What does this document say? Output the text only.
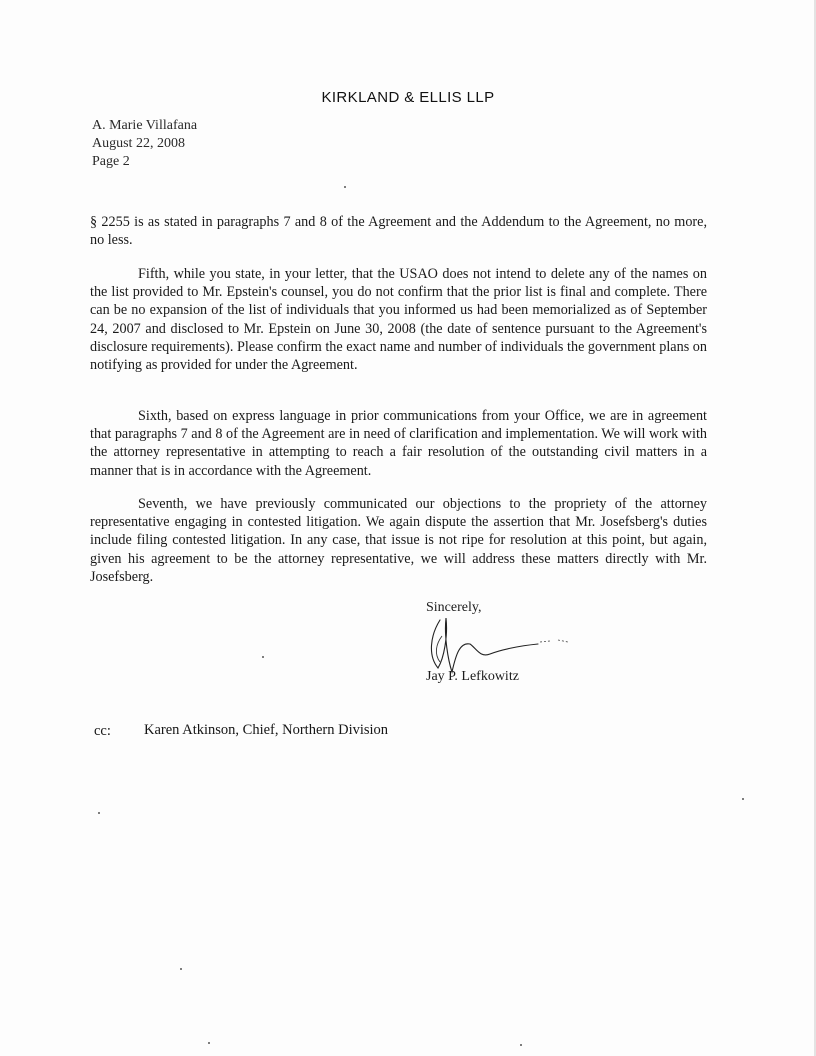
KIRKLAND & ELLIS LLP
A. Marie Villafana
August 22, 2008
Page 2

§ 2255 is as stated in paragraphs 7 and 8 of the Agreement and the Addendum to the Agreement, no more, no less.

Fifth, while you state, in your letter, that the USAO does not intend to delete any of the names on the list provided to Mr. Epstein's counsel, you do not confirm that the prior list is final and complete. There can be no expansion of the list of individuals that you informed us had been memorialized as of September 24, 2007 and disclosed to Mr. Epstein on June 30, 2008 (the date of sentence pursuant to the Agreement's disclosure requirements). Please confirm the exact name and number of individuals the government plans on notifying as provided for under the Agreement.

Sixth, based on express language in prior communications from your Office, we are in agreement that paragraphs 7 and 8 of the Agreement are in need of clarification and implementation. We will work with the attorney representative in attempting to reach a fair resolution of the outstanding civil matters in a manner that is in accordance with the Agreement.

Seventh, we have previously communicated our objections to the propriety of the attorney representative engaging in contested litigation. We again dispute the assertion that Mr. Josefsberg's duties include filing contested litigation. In any case, that issue is not ripe for resolution at this point, but again, given his agreement to be the attorney representative, we will address these matters directly with Mr. Josefsberg.

Sincerely,
Jay P. Lefkowitz
cc: Karen Atkinson, Chief, Northern Division
